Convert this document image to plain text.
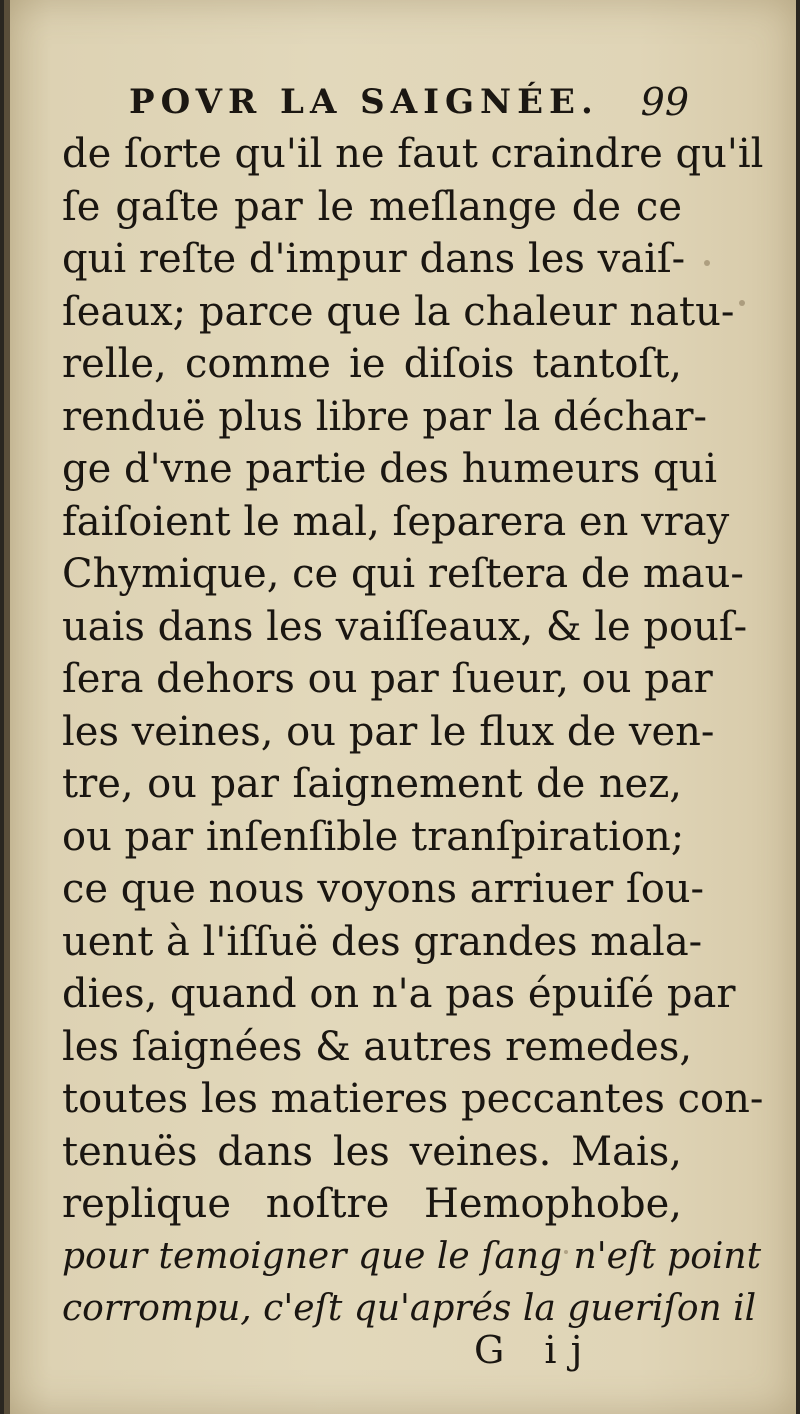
POVR LA SAIGNÉE. 99
de ſorte qu'il ne faut craindre qu'il
ſe gaſte par le meſlange de ce
qui reſte d'impur dans les vaiſ-
ſeaux; parce que la chaleur natu-
relle, comme ie diſois tantoſt,
renduë plus libre par la déchar-
ge d'vne partie des humeurs qui
faiſoient le mal, ſeparera en vray
Chymique, ce qui reſtera de mau-
uais dans les vaiſſeaux, & le pouſ-
ſera dehors ou par ſueur, ou par
les veines, ou par le flux de ven-
tre, ou par ſaignement de nez,
ou par inſenſible tranſpiration;
ce que nous voyons arriuer ſou-
uent à l'iſſuë des grandes mala-
dies, quand on n'a pas épuiſé par
les ſaignées & autres remedes,
toutes les matieres peccantes con-
tenuës dans les veines. Mais,
replique noſtre Hemophobe,
pour temoigner que le ſang n'eſt point
corrompu, c'eſt qu'aprés la gueriſon il
G ij
